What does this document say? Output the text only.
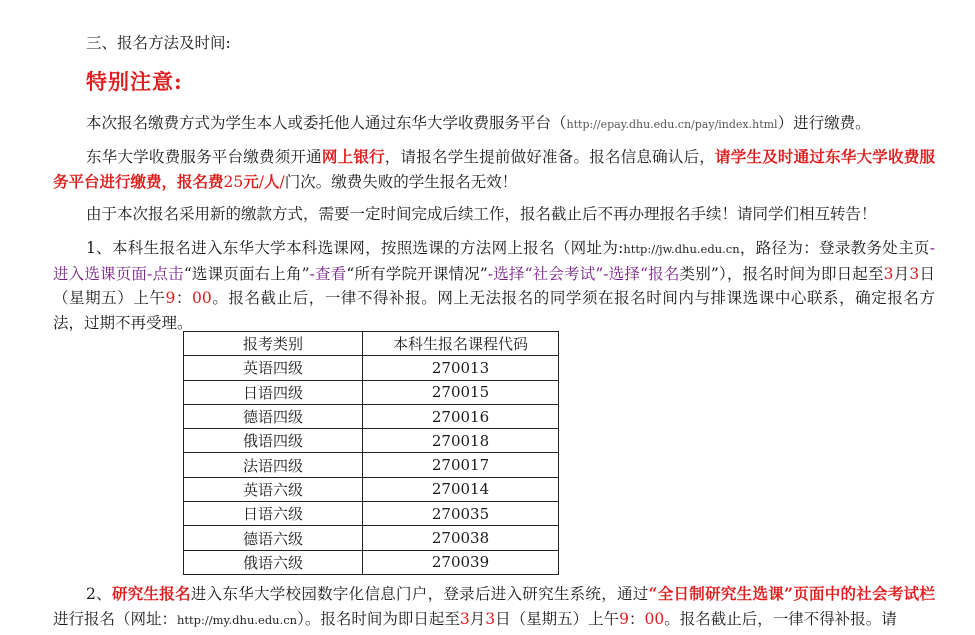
三、报名方法及时间:

特别注意:

本次报名缴费方式为学生本人或委托他人通过东华大学收费服务平台（http://epay.dhu.edu.cn/pay/index.html）进行缴费。

东华大学收费服务平台缴费须开通网上银行，请报名学生提前做好准备。报名信息确认后，请学生及时通过东华大学收费服务平台进行缴费，报名费25元/人/门次。缴费失败的学生报名无效！

由于本次报名采用新的缴款方式，需要一定时间完成后续工作，报名截止后不再办理报名手续！请同学们相互转告！

1、本科生报名进入东华大学本科选课网，按照选课的方法网上报名（网址为:http://jw.dhu.edu.cn，路径为：登录教务处主页-进入选课页面-点击“选课页面右上角”-查看“所有学院开课情况”-选择“社会考试”-选择“报名类别”），报名时间为即日起至3月3日（星期五）上午9：00。报名截止后，一律不得补报。网上无法报名的同学须在报名时间内与排课选课中心联系，确定报名方法，过期不再受理。

报考类别	本科生报名课程代码
英语四级	270013
日语四级	270015
德语四级	270016
俄语四级	270018
法语四级	270017
英语六级	270014
日语六级	270035
德语六级	270038
俄语六级	270039

2、研究生报名进入东华大学校园数字化信息门户，登录后进入研究生系统，通过“全日制研究生选课”页面中的社会考试栏进行报名（网址：http://my.dhu.edu.cn）。报名时间为即日起至3月3日（星期五）上午9：00。报名截止后，一律不得补报。请
